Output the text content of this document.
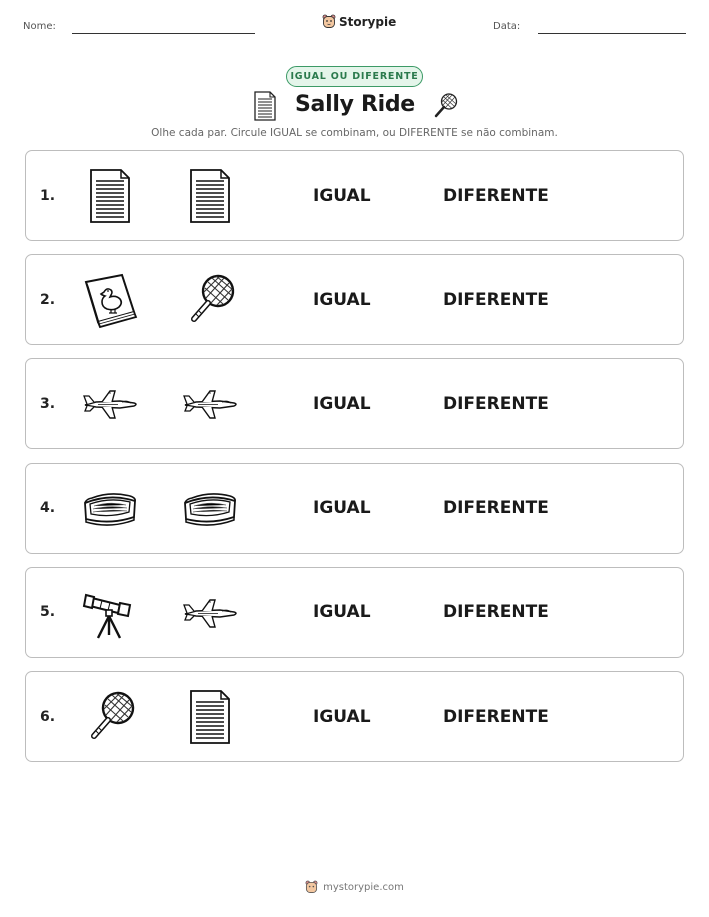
Nome:	Storypie	Data:
IGUAL OU DIFERENTE
Sally Ride
Olhe cada par. Circule IGUAL se combinam, ou DIFERENTE se não combinam.
1.	IGUAL	DIFERENTE
2.	IGUAL	DIFERENTE
3.	IGUAL	DIFERENTE
4.	IGUAL	DIFERENTE
5.	IGUAL	DIFERENTE
6.	IGUAL	DIFERENTE
mystorypie.com
